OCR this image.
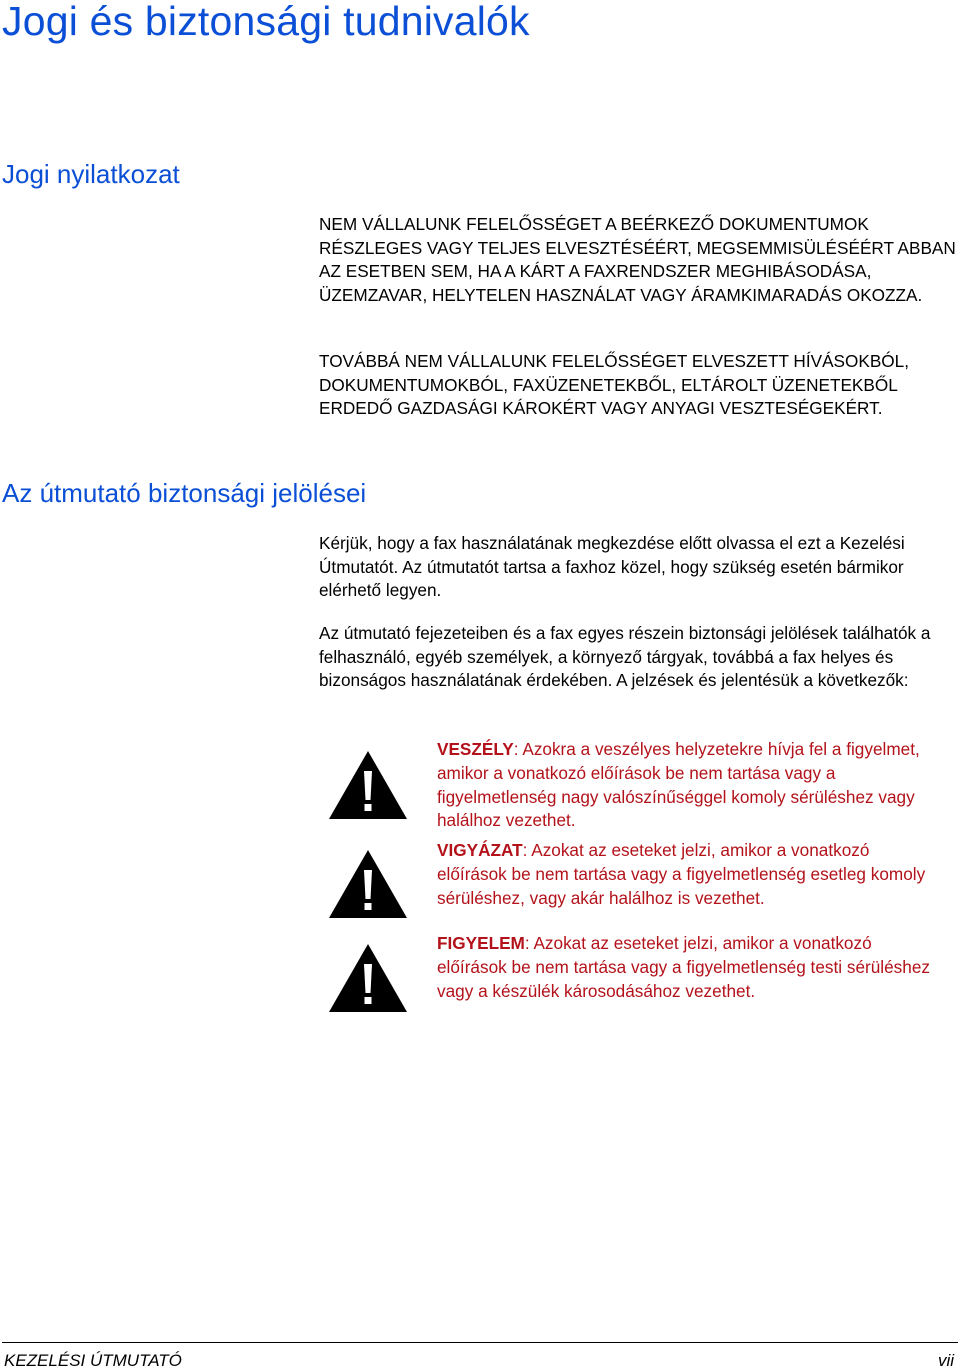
Jogi és biztonsági tudnivalók
Jogi nyilatkozat

NEM VÁLLALUNK FELELŐSSÉGET A BEÉRKEZŐ DOKUMENTUMOK RÉSZLEGES VAGY TELJES ELVESZTÉSÉÉRT, MEGSEMMISÜLÉSÉÉRT ABBAN AZ ESETBEN SEM, HA A KÁRT A FAXRENDSZER MEGHIBÁSODÁSA, ÜZEMZAVAR, HELYTELEN HASZNÁLAT VAGY ÁRAMKIMARADÁS OKOZZA.

TOVÁBBÁ NEM VÁLLALUNK FELELŐSSÉGET ELVESZETT HÍVÁSOKBÓL, DOKUMENTUMOKBÓL, FAXÜZENETEKBŐL, ELTÁROLT ÜZENETEKBŐL ERDEDŐ GAZDASÁGI KÁROKÉRT VAGY ANYAGI VESZTESÉGEKÉRT.

Az útmutató biztonsági jelölései

Kérjük, hogy a fax használatának megkezdése előtt olvassa el ezt a Kezelési Útmutatót. Az útmutatót tartsa a faxhoz közel, hogy szükség esetén bármikor elérhető legyen.

Az útmutató fejezeteiben és a fax egyes részein biztonsági jelölések találhatók a felhasználó, egyéb személyek, a környező tárgyak, továbbá a fax helyes és bizonságos használatának érdekében. A jelzések és jelentésük a következők:

VESZÉLY: Azokra a veszélyes helyzetekre hívja fel a figyelmet, amikor a vonatkozó előírások be nem tartása vagy a figyelmetlenség nagy valószínűséggel komoly sérüléshez vagy halálhoz vezethet.

VIGYÁZAT: Azokat az eseteket jelzi, amikor a vonatkozó előírások be nem tartása vagy a figyelmetlenség esetleg komoly sérüléshez, vagy akár halálhoz is vezethet.

FIGYELEM: Azokat az eseteket jelzi, amikor a vonatkozó előírások be nem tartása vagy a figyelmetlenség testi sérüléshez vagy a készülék károsodásához vezethet.

KEZELÉSI ÚTMUTATÓ	vii
